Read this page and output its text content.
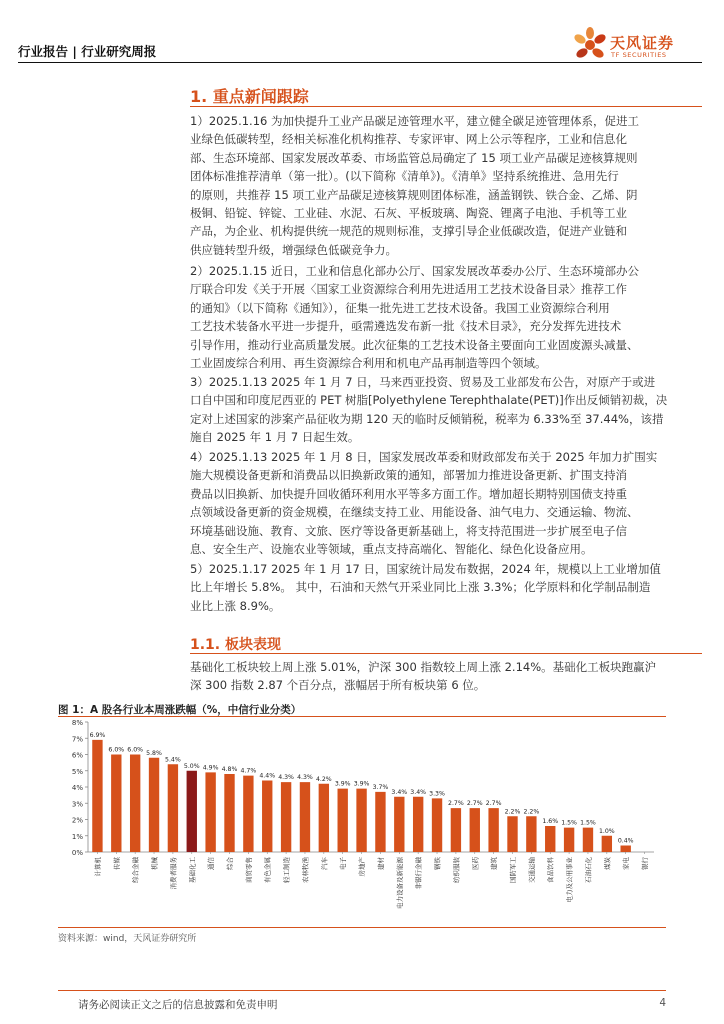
行业报告 | 行业研究周报	天风证券
TF SECURITIES
1. 重点新闻跟踪
1）2025.1.16 为加快提升工业产品碳足迹管理水平，建立健全碳足迹管理体系，促进工
业绿色低碳转型，经相关标准化机构推荐、专家评审、网上公示等程序，工业和信息化
部、生态环境部、国家发展改革委、市场监管总局确定了 15 项工业产品碳足迹核算规则
团体标准推荐清单（第一批）。(以下简称《清单》)。《清单》坚持系统推进、急用先行
的原则，共推荐 15 项工业产品碳足迹核算规则团体标准，涵盖钢铁、铁合金、乙烯、阴
极铜、铅锭、锌锭、工业硅、水泥、石灰、平板玻璃、陶瓷、锂离子电池、手机等工业
产品，为企业、机构提供统一规范的规则标准，支撑引导企业低碳改造，促进产业链和
供应链转型升级，增强绿色低碳竞争力。
2）2025.1.15 近日，工业和信息化部办公厅、国家发展改革委办公厅、生态环境部办公
厅联合印发《关于开展〈国家工业资源综合利用先进适用工艺技术设备目录〉推荐工作
的通知》（以下简称《通知》），征集一批先进工艺技术设备。我国工业资源综合利用
工艺技术装备水平进一步提升，亟需遴选发布新一批《技术目录》，充分发挥先进技术
引导作用，推动行业高质量发展。此次征集的工艺技术设备主要面向工业固废源头减量、
工业固废综合利用、再生资源综合利用和机电产品再制造等四个领域。
3）2025.1.13 2025 年 1 月 7 日，马来西亚投资、贸易及工业部发布公告，对原产于或进
口自中国和印度尼西亚的 PET 树脂[Polyethylene Terephthalate(PET)]作出反倾销初裁，决
定对上述国家的涉案产品征收为期 120 天的临时反倾销税，税率为 6.33%至 37.44%，该措
施自 2025 年 1 月 7 日起生效。
4）2025.1.13 2025 年 1 月 8 日，国家发展改革委和财政部发布关于 2025 年加力扩围实
施大规模设备更新和消费品以旧换新政策的通知，部署加力推进设备更新、扩围支持消
费品以旧换新、加快提升回收循环利用水平等多方面工作。增加超长期特别国债支持重
点领域设备更新的资金规模，在继续支持工业、用能设备、油气电力、交通运输、物流、
环境基础设施、教育、文旅、医疗等设备更新基础上，将支持范围进一步扩展至电子信
息、安全生产、设施农业等领域，重点支持高端化、智能化、绿色化设备应用。
5）2025.1.17 2025 年 1 月 17 日，国家统计局发布数据，2024 年，规模以上工业增加值
比上年增长 5.8%。 其中，石油和天然气开采业同比上涨 3.3%；化学原料和化学制品制造
业比上涨 8.9%。
1.1. 板块表现
基础化工板块较上周上涨 5.01%，沪深 300 指数较上周上涨 2.14%。基础化工板块跑赢沪
深 300 指数 2.87 个百分点，涨幅居于所有板块第 6 位。
图 1：A 股各行业本周涨跌幅（%，中信行业分类）
0%
1%
2%
3%
4%
5%
6%
7%
8%
6.9%
计算机
6.0%
传媒
6.0%
综合金融
5.8%
机械
5.4%
消费者服务
5.0%
基础化工
4.9%
通信
4.8%
综合
4.7%
商贸零售
4.4%
有色金属
4.3%
轻工制造
4.3%
农林牧渔
4.2%
汽车
3.9%
电子
3.9%
房地产
3.7%
建材
3.4%
电力设备及新能源
3.4%
非银行金融
3.3%
钢铁
2.7%
纺织服装
2.7%
医药
2.7%
建筑
2.2%
国防军工
2.2%
交通运输
1.6%
食品饮料
1.5%
电力及公用事业
1.5%
石油石化
1.0%
煤炭
0.4%
家电 银行
资料来源：wind，天风证券研究所
请务必阅读正文之后的信息披露和免责申明	4
